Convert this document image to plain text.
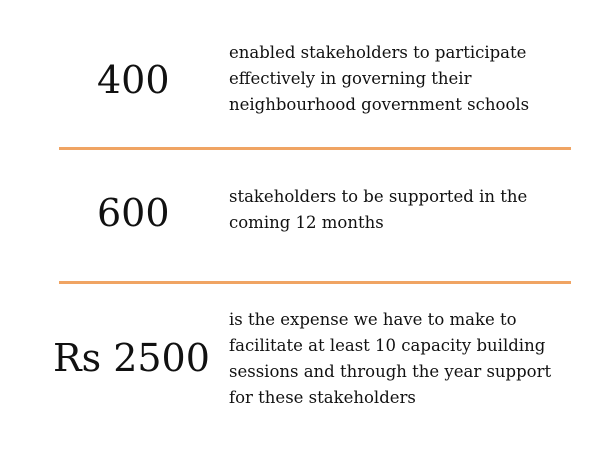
400
enabled stakeholders to participate
effectively in governing their
neighbourhood government schools
600	stakeholders to be supported in the
coming 12 months
Rs 2500
is the expense we have to make to
facilitate at least 10 capacity building
sessions and through the year support
for these stakeholders
